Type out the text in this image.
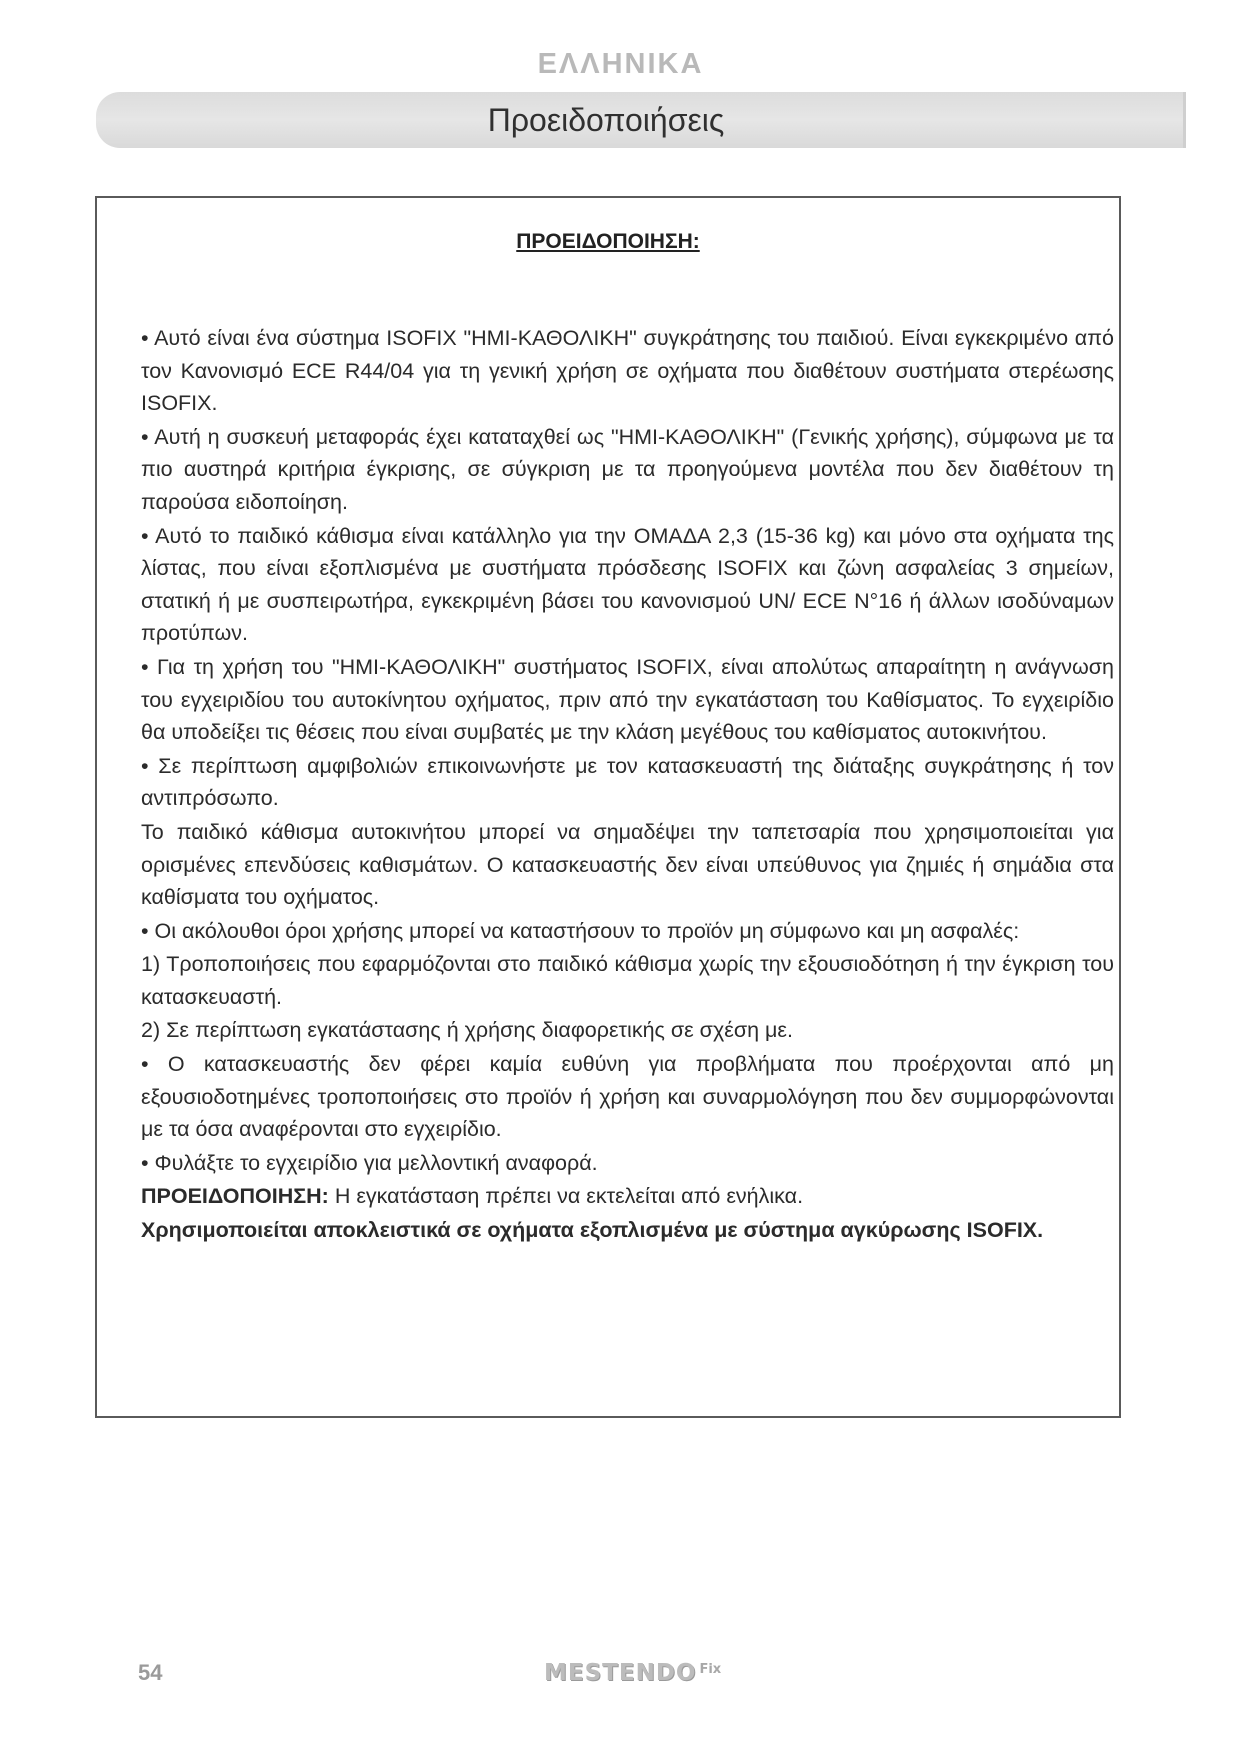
ΕΛΛΗΝΙΚΑ
Προειδοποιήσεις
ΠΡΟΕΙΔΟΠΟΙΗΣΗ:

• Αυτό είναι ένα σύστημα ISOFIX "ΗΜΙ-ΚΑΘΟΛΙΚΗ" συγκράτησης του παιδιού. Είναι εγκεκριμένο από τον Κανονισμό ECE R44/04 για τη γενική χρήση σε οχήματα που διαθέτουν συστήματα στερέωσης ISOFIX.

• Αυτή η συσκευή μεταφοράς έχει καταταχθεί ως "ΗΜΙ-ΚΑΘΟΛΙΚΗ" (Γενικής χρήσης), σύμφωνα με τα πιο αυστηρά κριτήρια έγκρισης, σε σύγκριση με τα προηγούμενα μοντέλα που δεν διαθέτουν τη παρούσα ειδοποίηση.

• Αυτό το παιδικό κάθισμα είναι κατάλληλο για την ΟΜΑΔΑ 2,3 (15-36 kg) και μόνο στα οχήματα της λίστας, που είναι εξοπλισμένα με συστήματα πρόσδεσης ISOFIX και ζώνη ασφαλείας 3 σημείων, στατική ή με συσπειρωτήρα, εγκεκριμένη βάσει του κανονισμού UN/ ECE N°16 ή άλλων ισοδύναμων προτύπων.

• Για τη χρήση του "ΗΜΙ-ΚΑΘΟΛΙΚΗ" συστήματος ISOFIX, είναι απολύτως απαραίτητη η ανάγνωση του εγχειριδίου του αυτοκίνητου οχήματος, πριν από την εγκατάσταση του Καθίσματος. Το εγχειρίδιο θα υποδείξει τις θέσεις που είναι συμβατές με την κλάση μεγέθους του καθίσματος αυτοκινήτου.

• Σε περίπτωση αμφιβολιών επικοινωνήστε με τον κατασκευαστή της διάταξης συγκράτησης ή τον αντιπρόσωπο.

Το παιδικό κάθισμα αυτοκινήτου μπορεί να σημαδέψει την ταπετσαρία που χρησιμοποιείται για ορισμένες επενδύσεις καθισμάτων. Ο κατασκευαστής δεν είναι υπεύθυνος για ζημιές ή σημάδια στα καθίσματα του οχήματος.

• Οι ακόλουθοι όροι χρήσης μπορεί να καταστήσουν το προϊόν μη σύμφωνο και μη ασφαλές:

1) Τροποποιήσεις που εφαρμόζονται στο παιδικό κάθισμα χωρίς την εξουσιοδότηση ή την έγκριση του κατασκευαστή.

2) Σε περίπτωση εγκατάστασης ή χρήσης διαφορετικής σε σχέση με.

• Ο κατασκευαστής δεν φέρει καμία ευθύνη για προβλήματα που προέρχονται από μη εξουσιοδοτημένες τροποποιήσεις στο προϊόν ή χρήση και συναρμολόγηση που δεν συμμορφώνονται με τα όσα αναφέρονται στο εγχειρίδιο.

• Φυλάξτε το εγχειρίδιο για μελλοντική αναφορά.

ΠΡΟΕΙΔΟΠΟΙΗΣΗ: Η εγκατάσταση πρέπει να εκτελείται από ενήλικα.

Χρησιμοποιείται αποκλειστικά σε οχήματα εξοπλισμένα με σύστημα αγκύρωσης ISOFIX.

54	MESTENDO Fix
